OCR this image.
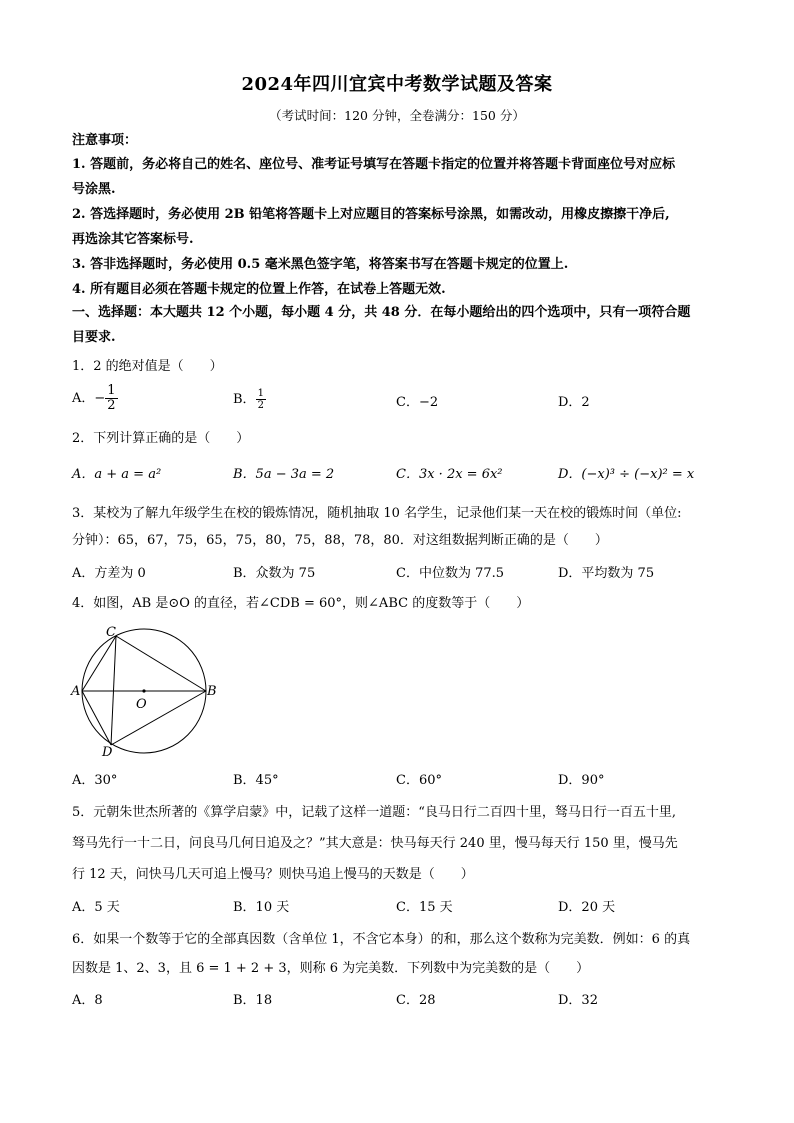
2024年四川宜宾中考数学试题及答案
（考试时间：120 分钟，全卷满分：150 分）
注意事项：
1. 答题前，务必将自己的姓名、座位号、准考证号填写在答题卡指定的位置并将答题卡背面座位号对应标
号涂黑.
2. 答选择题时，务必使用 2B 铅笔将答题卡上对应题目的答案标号涂黑，如需改动，用橡皮擦擦干净后,
再选涂其它答案标号.
3. 答非选择题时，务必使用 0.5 毫米黑色签字笔，将答案书写在答题卡规定的位置上.
4. 所有题目必须在答题卡规定的位置上作答，在试卷上答题无效.
一、选择题：本大题共 12 个小题，每小题 4 分，共 48 分．在每小题给出的四个选项中，只有一项符合题
目要求.
1．2 的绝对值是（　　）
A．− $\frac{1}{2}$	B． $\frac{1}{2}$	C．−2	D．2
2．下列计算正确的是（　　）
A．a + a = a²	B．5a − 3a = 2	C．3x · 2x = 6x²	D．(−x)³ ÷ (−x)² = x
3．某校为了解九年级学生在校的锻炼情况，随机抽取 10 名学生，记录他们某一天在校的锻炼时间（单位:
分钟）：65，67，75，65，75，80，75，88，78，80．对这组数据判断正确的是（　　）
A．方差为 0	B．众数为 75	C．中位数为 77.5	D．平均数为 75
4．如图，AB 是⊙O 的直径，若∠CDB = 60°，则∠ABC 的度数等于（　　）
A	B
C
D
O
A．30°	B．45°	C．60°	D．90°
5．元朝朱世杰所著的《算学启蒙》中，记载了这样一道题：“良马日行二百四十里，驽马日行一百五十里,
驽马先行一十二日，问良马几何日追及之？”其大意是：快马每天行 240 里，慢马每天行 150 里，慢马先
行 12 天，问快马几天可追上慢马？则快马追上慢马的天数是（　　）
A．5 天	B．10 天	C．15 天	D．20 天
6．如果一个数等于它的全部真因数（含单位 1，不含它本身）的和，那么这个数称为完美数．例如：6 的真
因数是 1、2、3，且 6 = 1 + 2 + 3，则称 6 为完美数．下列数中为完美数的是（　　）
A．8	B．18	C．28	D．32
